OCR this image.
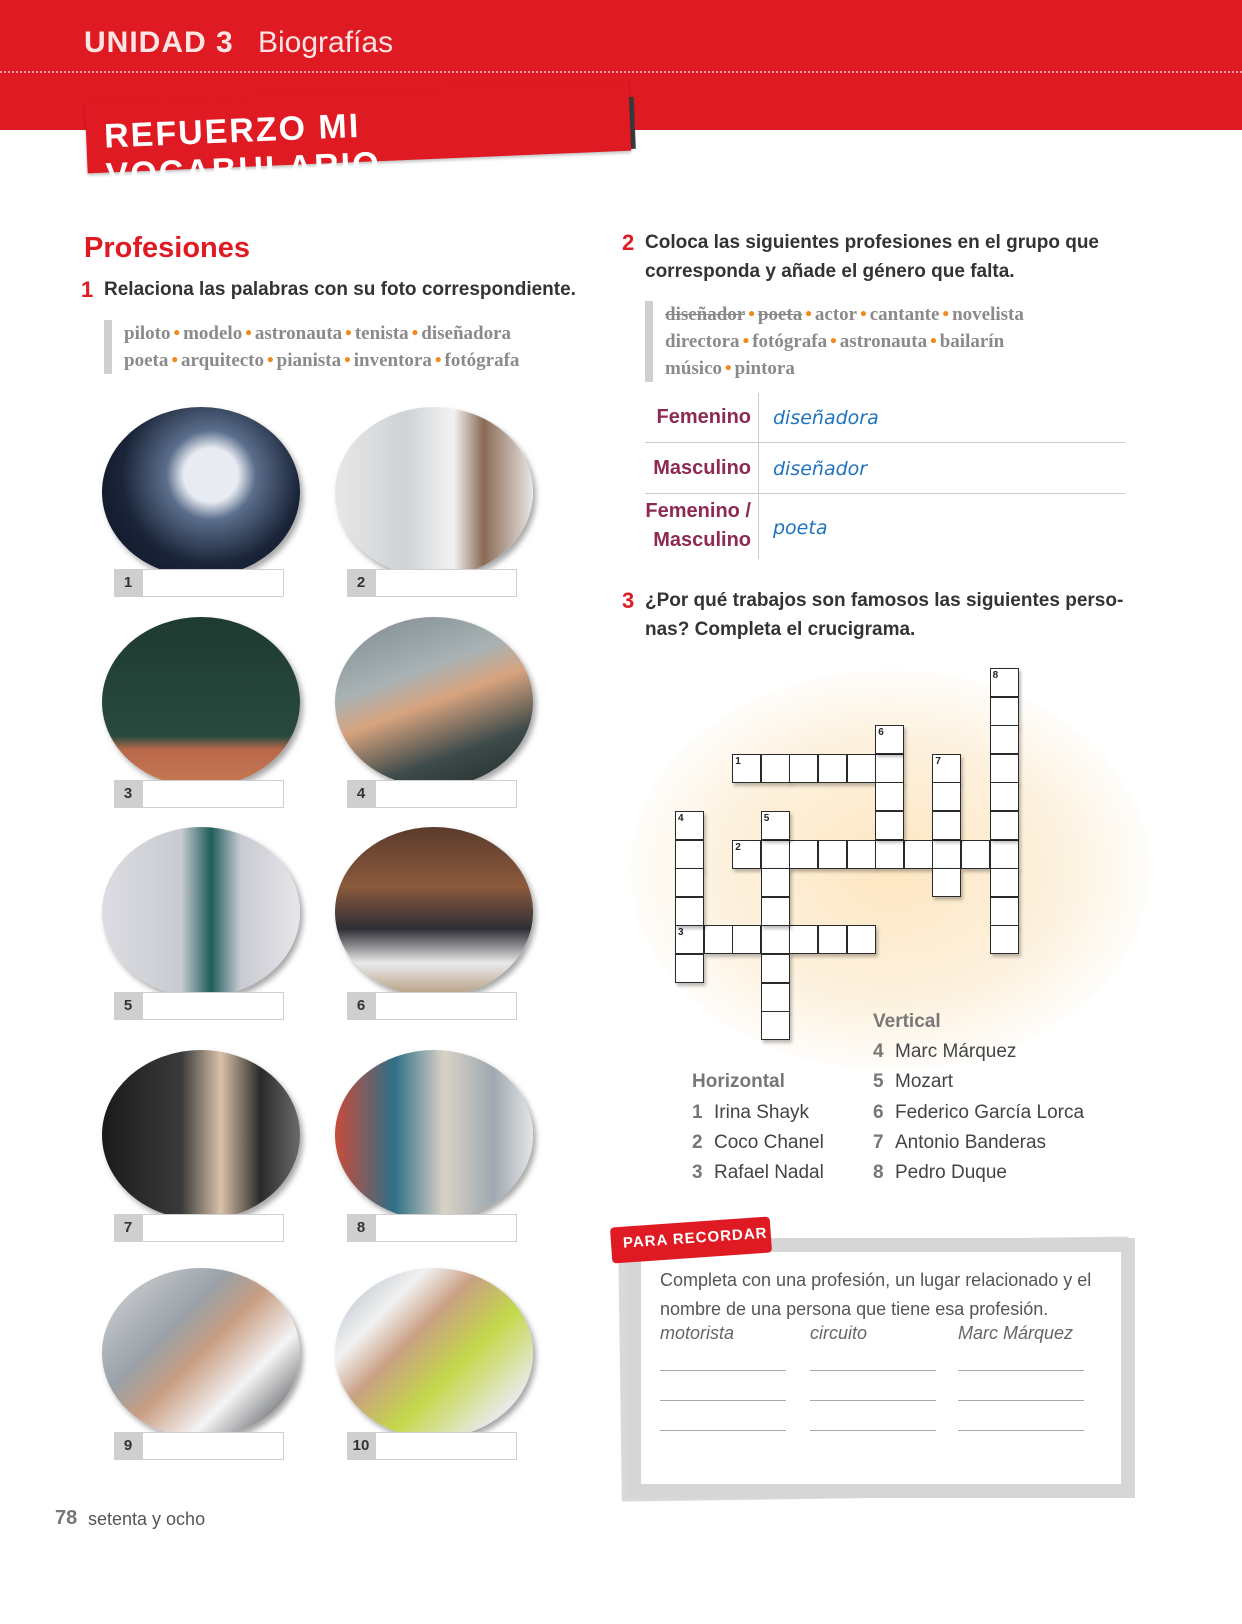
UNIDAD 3 Biografías
REFUERZO MI VOCABULARIO
Profesiones
1 Relaciona las palabras con su foto correspondiente.
piloto • modelo • astronauta • tenista • diseñadora
poeta • arquitecto • pianista • inventora • fotógrafa
1	2
3	4
5	6
7	8
9	10
2 Coloca las siguientes profesiones en el grupo que
corresponda y añade el género que falta.
diseñador • poeta • actor • cantante • novelista
directora • fotógrafa • astronauta • bailarín
músico • pintora
Femenino diseñadora
Masculino diseñador
Femenino /
Masculino
poeta
3 ¿Por qué trabajos son famosos las siguientes perso-
nas? Completa el crucigrama.
1
2
3
4	5
6
7
8
Vertical
4 Marc Márquez
5 Mozart
6 Federico García Lorca
7 Antonio Banderas
8 Pedro Duque
Horizontal
1 Irina Shayk
2 Coco Chanel
3 Rafael Nadal
PARA RECORDAR
Completa con una profesión, un lugar relacionado y el nombre de una persona que tiene esa profesión.
motorista	circuito	Marc Márquez
78 setenta y ocho
